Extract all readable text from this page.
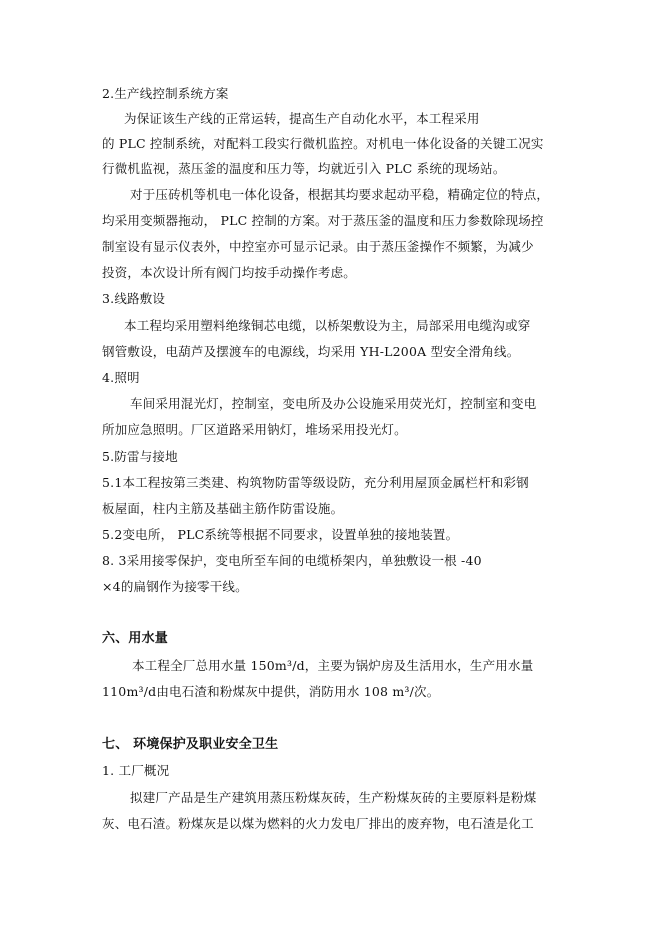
2.生产线控制系统方案
为保证该生产线的正常运转，提高生产自动化水平，本工程采用
的 PLC 控制系统，对配料工段实行微机监控。对机电一体化设备的关键工况实
行微机监视，蒸压釜的温度和压力等，均就近引入 PLC 系统的现场站。
对于压砖机等机电一体化设备，根据其均要求起动平稳，精确定位的特点，
均采用变频器拖动， PLC 控制的方案。对于蒸压釜的温度和压力参数除现场控
制室设有显示仪表外，中控室亦可显示记录。由于蒸压釜操作不频繁，为减少
投资，本次设计所有阀门均按手动操作考虑。
3.线路敷设
本工程均采用塑料绝缘铜芯电缆，以桥架敷设为主，局部采用电缆沟或穿
钢管敷设，电葫芦及摆渡车的电源线，均采用 YH-L200A 型安全滑角线。
4.照明
车间采用混光灯，控制室，变电所及办公设施采用荧光灯，控制室和变电
所加应急照明。厂区道路采用钠灯，堆场采用投光灯。
5.防雷与接地
5.1本工程按第三类建、构筑物防雷等级设防，充分利用屋顶金属栏杆和彩钢
板屋面，柱内主筋及基础主筋作防雷设施。
5.2变电所， PLC系统等根据不同要求，设置单独的接地装置。
8. 3采用接零保护，变电所至车间的电缆桥架内，单独敷设一根 -40
×4的扁钢作为接零干线。
六、用水量
本工程全厂总用水量 150m³/d，主要为锅炉房及生活用水，生产用水量
110m³/d由电石渣和粉煤灰中提供，消防用水 108 m³/次。
七、 环境保护及职业安全卫生
1. 工厂概况
拟建厂产品是生产建筑用蒸压粉煤灰砖，生产粉煤灰砖的主要原料是粉煤
灰、电石渣。粉煤灰是以煤为燃料的火力发电厂排出的废弃物，电石渣是化工
